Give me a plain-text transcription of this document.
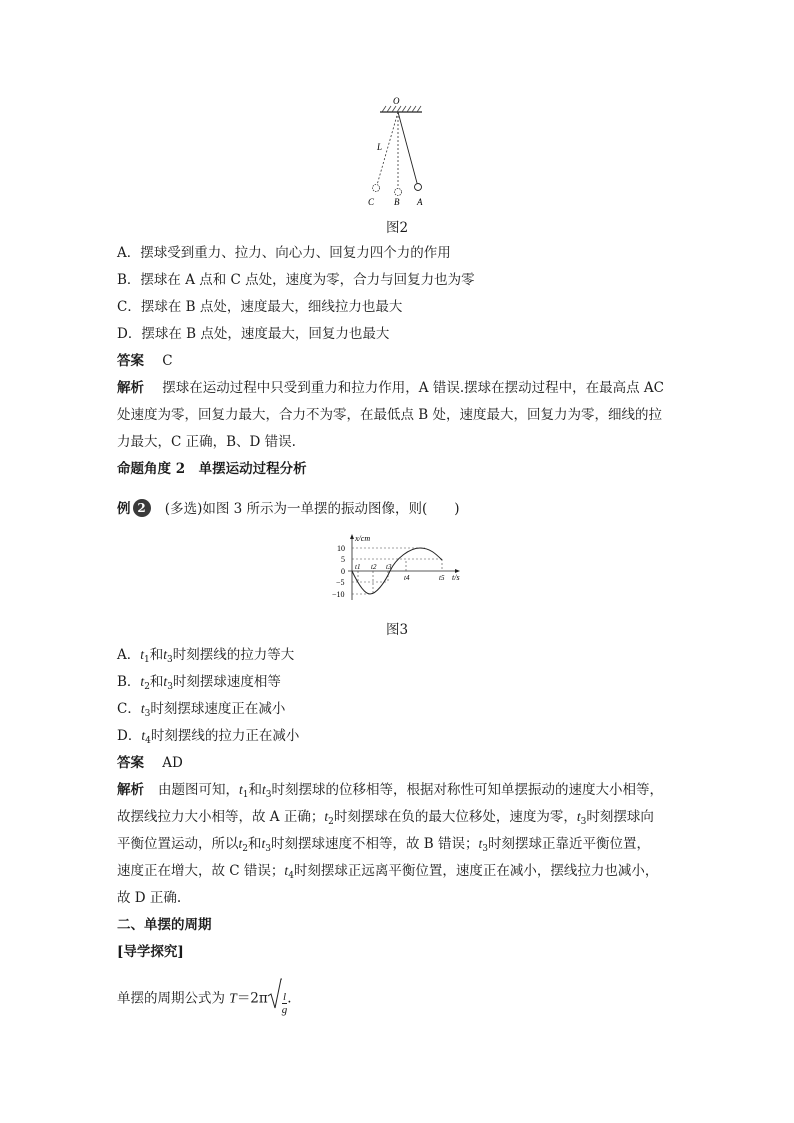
O
L
C B A
图2
A．摆球受到重力、拉力、向心力、回复力四个力的作用
B．摆球在 A 点和 C 点处，速度为零，合力与回复力也为零
C．摆球在 B 点处，速度最大，细线拉力也最大
D．摆球在 B 点处，速度最大，回复力也最大
答案 C
解析 摆球在运动过程中只受到重力和拉力作用，A 错误.摆球在摆动过程中，在最高点 AC
处速度为零，回复力最大，合力不为零，在最低点 B 处，速度最大，回复力为零，细线的拉
力最大，C 正确，B、D 错误.
命题角度 2　单摆运动过程分析
例 2 (多选)如图 3 所示为一单摆的振动图像，则(　　)
x/cm
t/s
10
5
0
−5
−10
t1 t2 t3
t4	t5
图3
A．$t_1$和$t_3$时刻摆线的拉力等大
B．$t_2$和$t_3$时刻摆球速度相等
C．$t_3$时刻摆球速度正在减小
D．$t_4$时刻摆线的拉力正在减小
答案 AD
解析 由题图可知，$t_1$和$t_3$时刻摆球的位移相等，根据对称性可知单摆振动的速度大小相等，
故摆线拉力大小相等，故 A 正确；$t_2$时刻摆球在负的最大位移处，速度为零，$t_3$时刻摆球向
平衡位置运动，所以$t_2$和$t_3$时刻摆球速度不相等，故 B 错误；$t_3$时刻摆球正靠近平衡位置，
速度正在增大，故 C 错误；$t_4$时刻摆球正远离平衡位置，速度正在减小，摆线拉力也减小，
故 D 正确.
二、单摆的周期
[导学探究]
单摆的周期公式为 $T=2\pi \frac{l}{g}$ .
